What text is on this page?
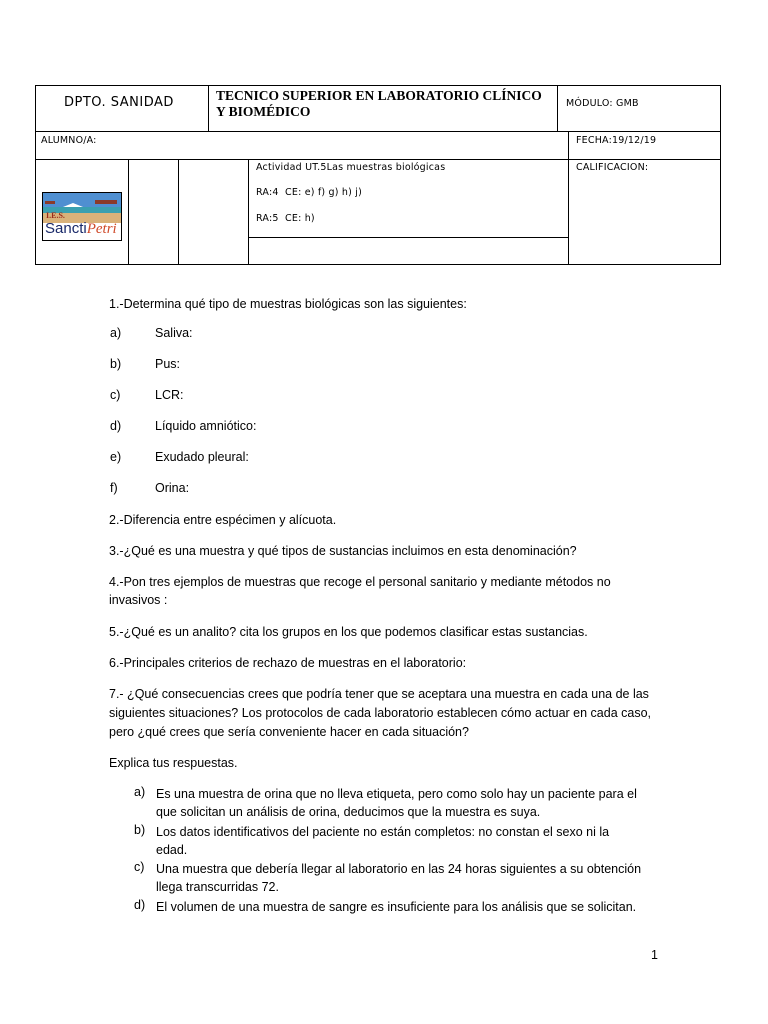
DPTO. SANIDAD	TECNICO SUPERIOR EN LABORATORIO CLÍNICO Y BIOMÉDICO
MÓDULO: GMB
ALUMNO/A:	FECHA:19/12/19
Actividad UT.5Las muestras biológicas
RA:4  CE: e) f) g) h) j)
RA:5  CE: h)
CALIFICACION:
I.E.S.
SanctiPetri
1.-Determina qué tipo de muestras biológicas son las siguientes:
a)	Saliva:
b)	Pus:
c)	LCR:
d)	Líquido amniótico:
e)	Exudado pleural:
f)	Orina:
2.-Diferencia entre espécimen y alícuota.
3.-¿Qué es una muestra y qué tipos de sustancias incluimos en esta denominación?
4.-Pon tres ejemplos de muestras que recoge el personal sanitario y mediante métodos no invasivos :
5.-¿Qué es un analito? cita los grupos en los que podemos clasificar estas sustancias.
6.-Principales criterios de rechazo de muestras en el laboratorio:
7.- ¿Qué consecuencias crees que podría tener que se aceptara una muestra en cada una de las siguientes situaciones? Los protocolos de cada laboratorio establecen cómo actuar en cada caso, pero ¿qué crees que sería conveniente hacer en cada situación?
Explica tus respuestas.
a) Es una muestra de orina que no lleva etiqueta, pero como solo hay un paciente para el que solicitan un análisis de orina, deducimos que la muestra es suya.
b) Los datos identificativos del paciente no están completos: no constan el sexo ni la edad.
c) Una muestra que debería llegar al laboratorio en las 24 horas siguientes a su obtención llega transcurridas 72.
d) El volumen de una muestra de sangre es insuficiente para los análisis que se solicitan.
1
